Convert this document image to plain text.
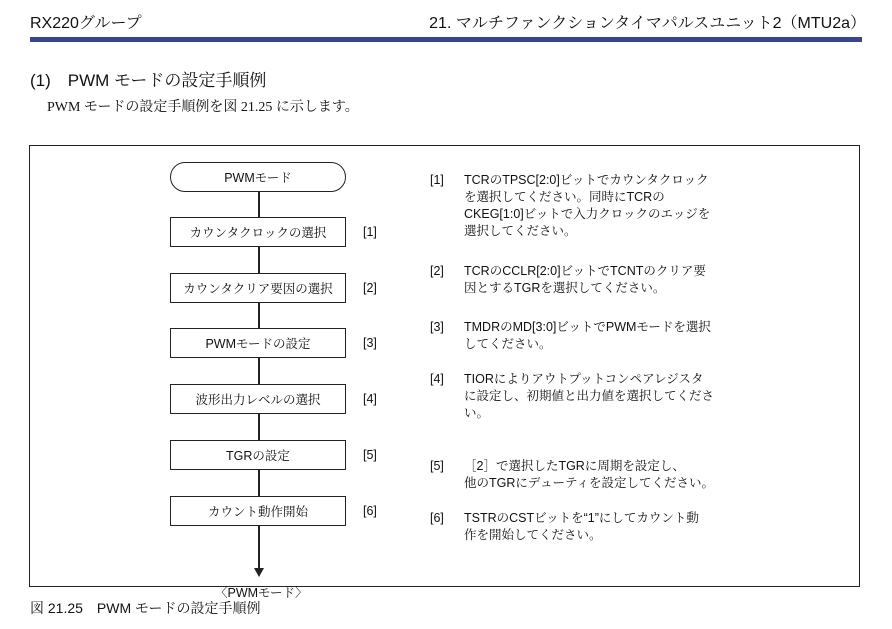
RX220グループ	21. マルチファンクションタイマパルスユニット2（MTU2a）
(1)　PWM モードの設定手順例
PWM モードの設定手順例を図 21.25 に示します。
PWMモード
カウンタクロックの選択	[1]
カウンタクリア要因の選択	[2]
PWMモードの設定	[3]
波形出力レベルの選択	[4]
TGRの設定	[5]
カウント動作開始	[6]
〈PWMモード〉
[1] TCRのTPSC[2:0]ビットでカウンタクロック
を選択してください。同時にTCRの
CKEG[1:0]ビットで入力クロックのエッジを
選択してください。
[2] TCRのCCLR[2:0]ビットでTCNTのクリア要
因とするTGRを選択してください。
[3] TMDRのMD[3:0]ビットでPWMモードを選択
してください。
[4] TIORによりアウトプットコンペアレジスタ
に設定し、初期値と出力値を選択してくださ
い。
[5] ［2］で選択したTGRに周期を設定し、
他のTGRにデューティを設定してください。
[6] TSTRのCSTビットを“1”にしてカウント動
作を開始してください。
図 21.25　PWM モードの設定手順例
